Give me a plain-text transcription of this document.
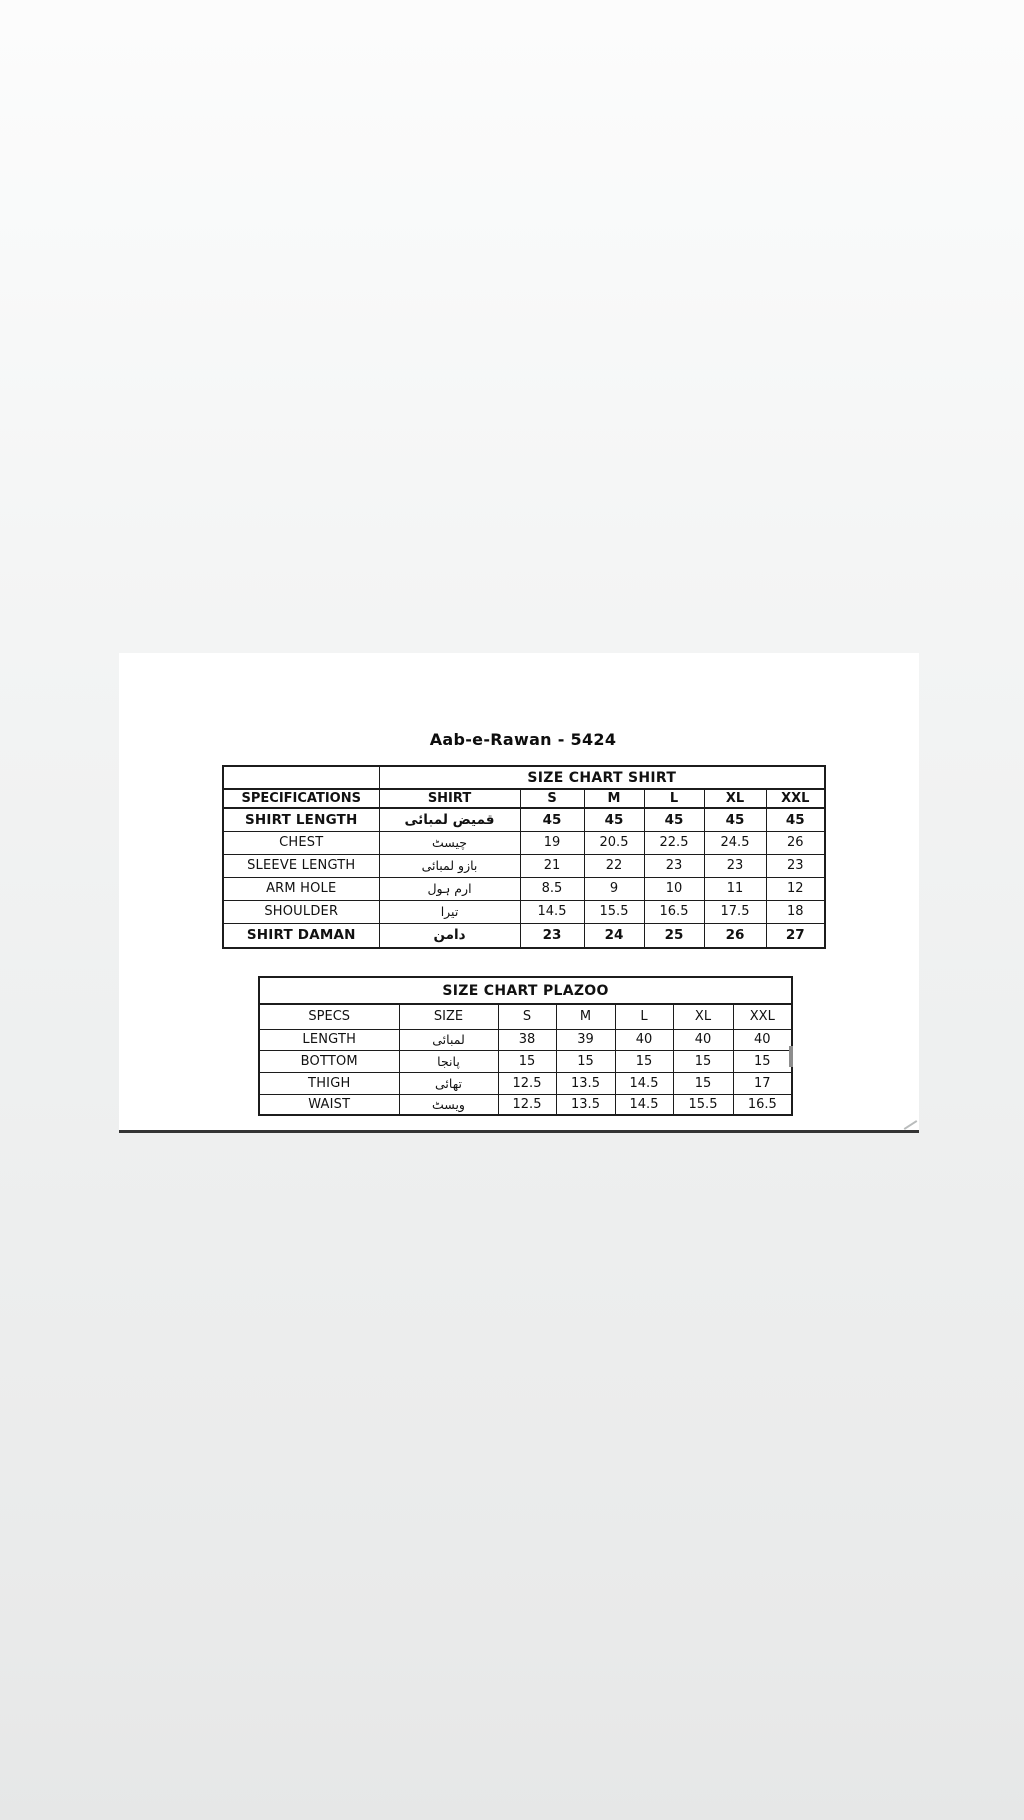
Aab-e-Rawan - 5424
	SIZE CHART SHIRT					
SPECIFICATIONS	SHIRT	S	M	L	XL	XXL
SHIRT LENGTH	قمیض لمبائی	45	45	45	45	45
CHEST	چیسٹ	19	20.5	22.5	24.5	26
SLEEVE LENGTH	بازو لمبائی	21	22	23	23	23
ARM HOLE	ارم ہول	8.5	9	10	11	12
SHOULDER	تیرا	14.5	15.5	16.5	17.5	18
SHIRT DAMAN	دامن	23	24	25	26	27
SIZE CHART PLAZOO						
SPECS	SIZE	S	M	L	XL	XXL
LENGTH	لمبائی	38	39	40	40	40
BOTTOM	پانجا	15	15	15	15	15
THIGH	تھائی	12.5	13.5	14.5	15	17
WAIST	ویسٹ	12.5	13.5	14.5	15.5	16.5
